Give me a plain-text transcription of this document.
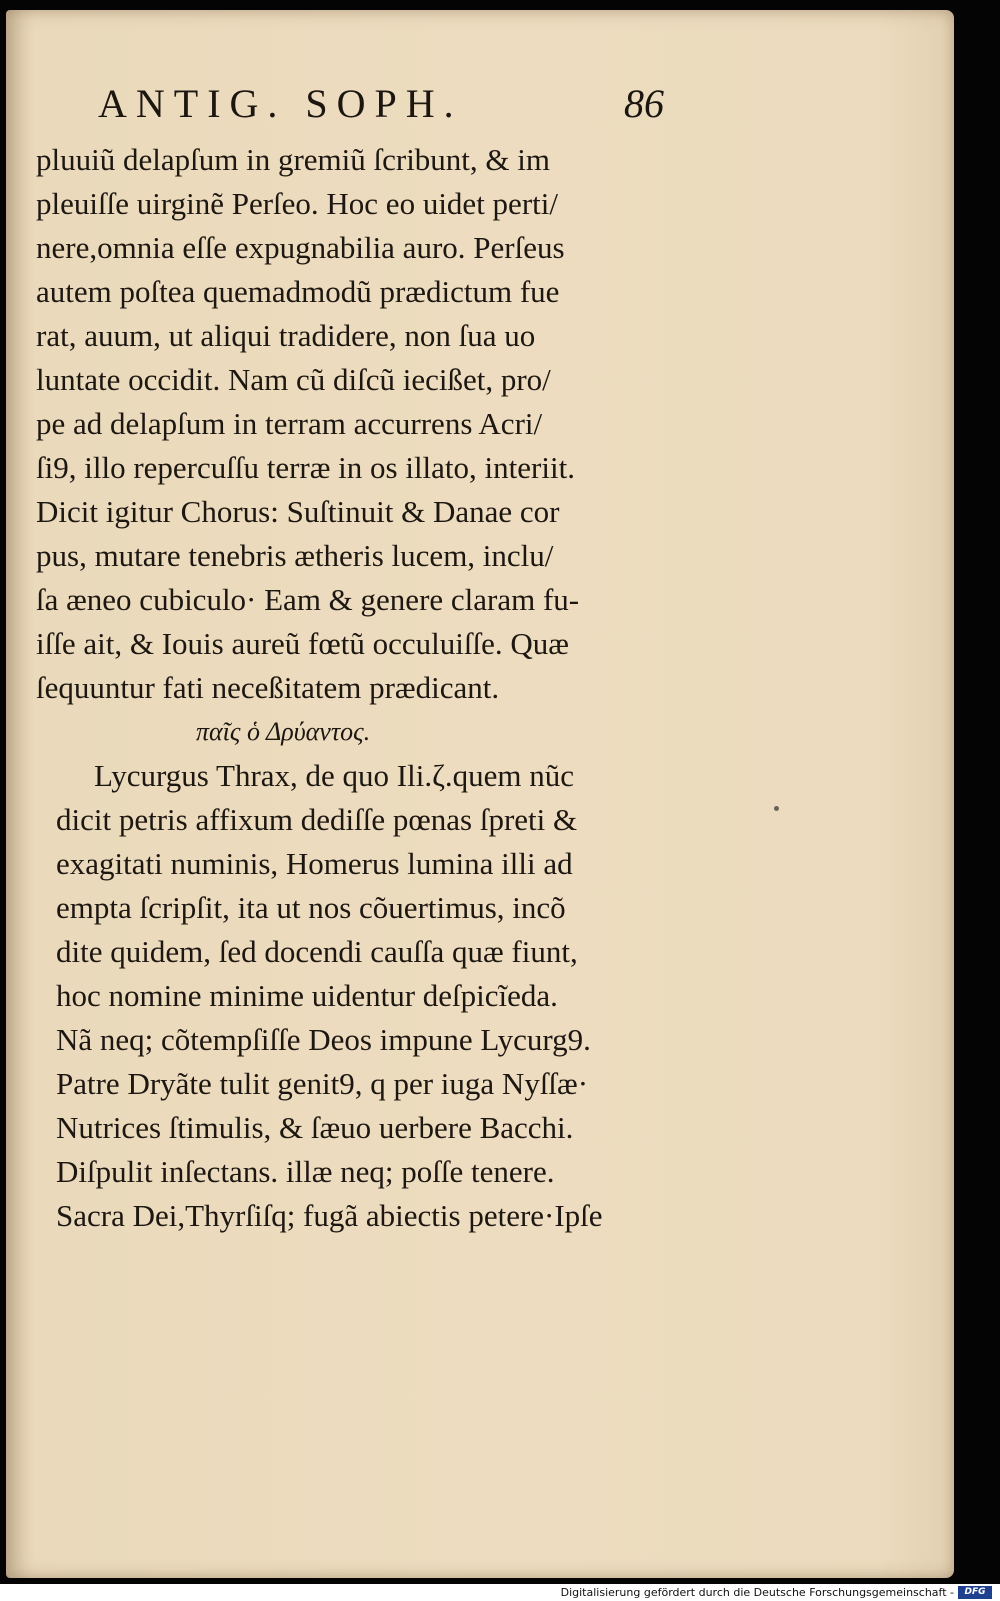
ANTIG. SOPH.	86
pluuiũ delapſum in gremiũ ſcribunt, & im
pleuiſſe uirginẽ Perſeo. Hoc eo uidet perti/
nere,omnia eſſe expugnabilia auro. Perſeus
autem poſtea quemadmodũ prædictum fue
rat, auum, ut aliqui tradidere, non ſua uo
luntate occidit. Nam cũ diſcũ iecißet, pro/
pe ad delapſum in terram accurrens Acri/
ſi9, illo repercuſſu terræ in os illato, interiit.
Dicit igitur Chorus: Suſtinuit & Danae cor
pus, mutare tenebris ætheris lucem, inclu/
ſa æneo cubiculo· Eam & genere claram fu-
iſſe ait, & Iouis aureũ fœtũ occuluiſſe. Quæ
ſequuntur fati neceßitatem prædicant.
παῖς ὁ Δρύαντος.
Lycurgus Thrax, de quo Ili.ζ.quem nũc
dicit petris affixum dediſſe pœnas ſpreti &
exagitati numinis, Homerus lumina illi ad
empta ſcripſit, ita ut nos cõuertimus, incõ
dite quidem, ſed docendi cauſſa quæ fiunt,
hoc nomine minime uidentur deſpicĩeda.
Nã neq; cõtempſiſſe Deos impune Lycurg9.
Patre Dryãte tulit genit9, q per iuga Nyſſæ·
Nutrices ſtimulis, & ſæuo uerbere Bacchi.
Diſpulit inſectans. illæ neq; poſſe tenere.
Sacra Dei,Thyrſiſq; fugã abiectis petere·Ipſe
Digitalisierung gefördert durch die Deutsche Forschungsgemeinschaft -	DFG
